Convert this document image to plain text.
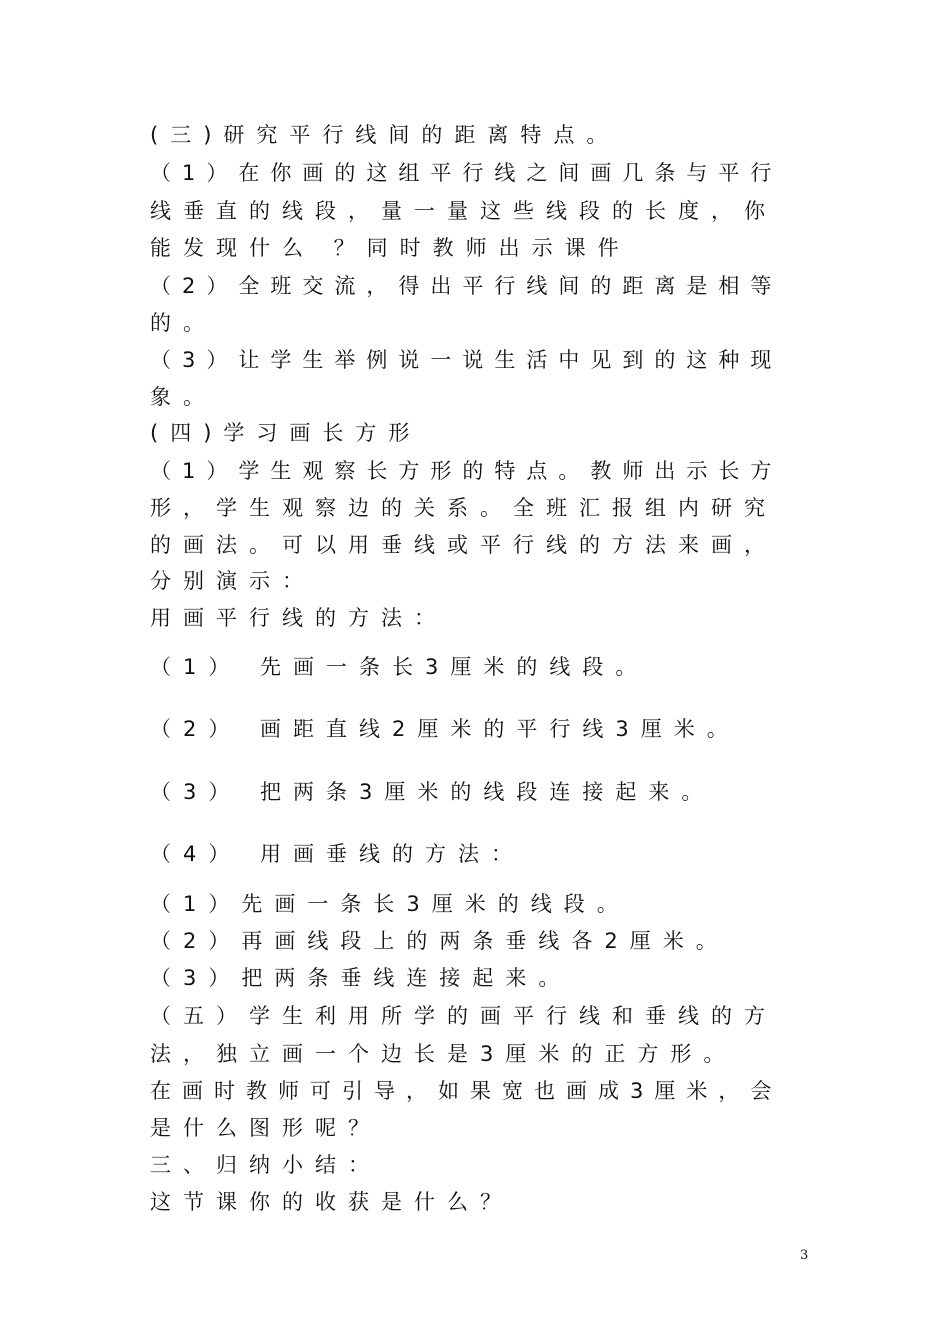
(三)研究平行线间的距离特点。
（1）在你画的这组平行线之间画几条与平行
线垂直的线段，量一量这些线段的长度，你
能发现什么 ？同时教师出示课件
（2）全班交流，得出平行线间的距离是相等
的。
（3）让学生举例说一说生活中见到的这种现
象。
(四)学习画长方形
（1）学生观察长方形的特点。教师出示长方
形，学生观察边的关系。全班汇报组内研究
的画法。可以用垂线或平行线的方法来画，
分别演示：
用画平行线的方法：
（1） 先画一条长3厘米的线段。
（2） 画距直线2厘米的平行线3厘米。
（3） 把两条3厘米的线段连接起来。
（4） 用画垂线的方法：
（1）先画一条长3厘米的线段。
（2）再画线段上的两条垂线各2厘米。
（3）把两条垂线连接起来。
（五）学生利用所学的画平行线和垂线的方
法，独立画一个边长是3厘米的正方形。
在画时教师可引导，如果宽也画成3厘米，会
是什么图形呢？
三、归纳小结：
这节课你的收获是什么？
3
